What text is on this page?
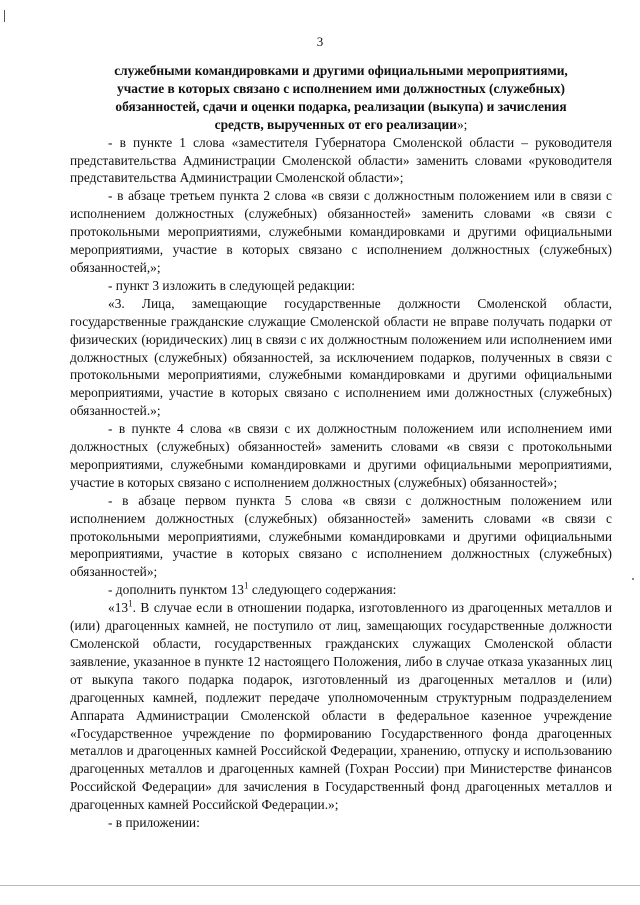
3

служебными командировками и другими официальными мероприятиями,

участие в которых связано с исполнением ими должностных (служебных)

обязанностей, сдачи и оценки подарка, реализации (выкупа) и зачисления

средств, вырученных от его реализации»;

- в пункте 1 слова «заместителя Губернатора Смоленской области – руководителя представительства Администрации Смоленской области» заменить словами «руководителя представительства Администрации Смоленской области»;

- в абзаце третьем пункта 2 слова «в связи с должностным положением или в связи с исполнением должностных (служебных) обязанностей» заменить словами «в связи с протокольными мероприятиями, служебными командировками и другими официальными мероприятиями, участие в которых связано с исполнением должностных (служебных) обязанностей,»;

- пункт 3 изложить в следующей редакции:

«3. Лица, замещающие государственные должности Смоленской области, государственные гражданские служащие Смоленской области не вправе получать подарки от физических (юридических) лиц в связи с их должностным положением или исполнением ими должностных (служебных) обязанностей, за исключением подарков, полученных в связи с протокольными мероприятиями, служебными командировками и другими официальными мероприятиями, участие в которых связано с исполнением ими должностных (служебных) обязанностей.»;

- в пункте 4 слова «в связи с их должностным положением или исполнением ими должностных (служебных) обязанностей» заменить словами «в связи с протокольными мероприятиями, служебными командировками и другими официальными мероприятиями, участие в которых связано с исполнением должностных (служебных) обязанностей»;

- в абзаце первом пункта 5 слова «в связи с должностным положением или исполнением должностных (служебных) обязанностей» заменить словами «в связи с протокольными мероприятиями, служебными командировками и другими официальными мероприятиями, участие в которых связано с исполнением должностных (служебных) обязанностей»;

- дополнить пунктом $13^1$ следующего содержания:

«$13^1$. В случае если в отношении подарка, изготовленного из драгоценных металлов и (или) драгоценных камней, не поступило от лиц, замещающих государственные должности Смоленской области, государственных гражданских служащих Смоленской области заявление, указанное в пункте 12 настоящего Положения, либо в случае отказа указанных лиц от выкупа такого подарка подарок, изготовленный из драгоценных металлов и (или) драгоценных камней, подлежит передаче уполномоченным структурным подразделением Аппарата Администрации Смоленской области в федеральное казенное учреждение «Государственное учреждение по формированию Государственного фонда драгоценных металлов и драгоценных камней Российской Федерации, хранению, отпуску и использованию драгоценных металлов и драгоценных камней (Гохран России) при Министерстве финансов Российской Федерации» для зачисления в Государственный фонд драгоценных металлов и драгоценных камней Российской Федерации.»;

- в приложении:
